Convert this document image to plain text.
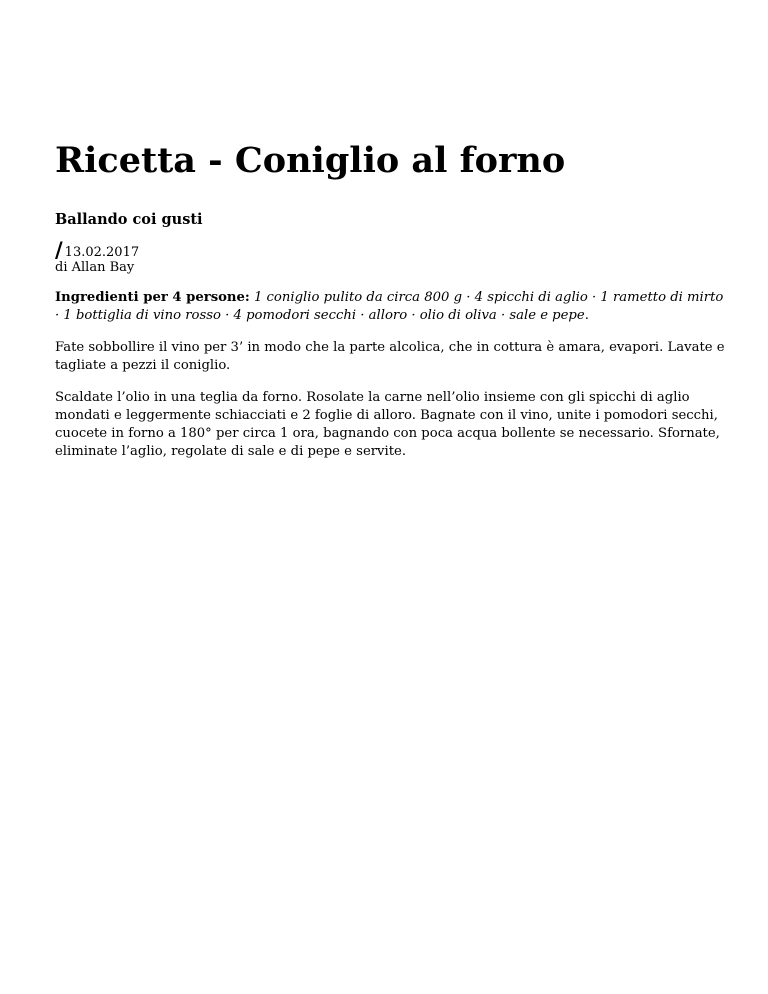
Ricetta - Coniglio al forno
Ballando coi gusti
/ 13.02.2017
di Allan Bay

Ingredienti per 4 persone: 1 coniglio pulito da circa 800 g · 4 spicchi di aglio · 1 rametto di mirto · 1 bottiglia di vino rosso · 4 pomodori secchi · alloro · olio di oliva · sale e pepe.

Fate sobbollire il vino per 3’ in modo che la parte alcolica, che in cottura è amara, evapori. Lavate e tagliate a pezzi il coniglio.

Scaldate l’olio in una teglia da forno. Rosolate la carne nell’olio insieme con gli spicchi di aglio mondati e leggermente schiacciati e 2 foglie di alloro. Bagnate con il vino, unite i pomodori secchi, cuocete in forno a 180° per circa 1 ora, bagnando con poca acqua bollente se necessario. Sfornate, eliminate l’aglio, regolate di sale e di pepe e servite.
